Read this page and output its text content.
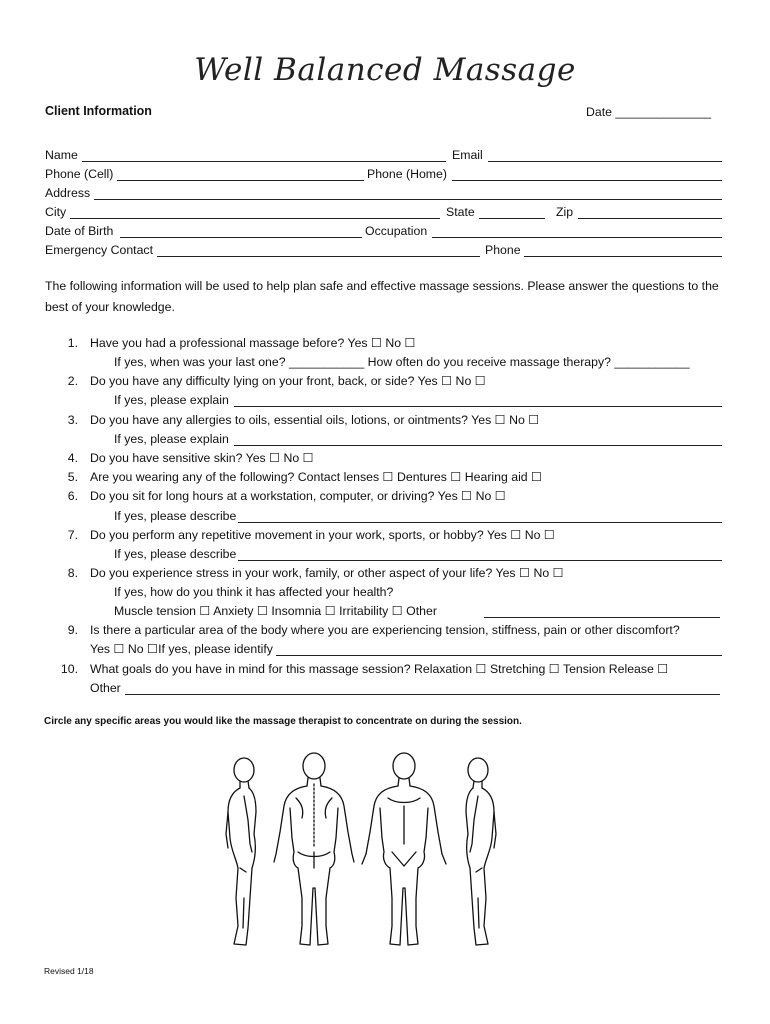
Well Balanced Massage
Client Information	Date ______________
Name	Email
Phone (Cell)	Phone (Home)
Address
City	State	Zip
Date of Birth	Occupation
Emergency Contact	Phone
The following information will be used to help plan safe and effective massage sessions. Please answer the questions to the best of your knowledge.
1. Have you had a professional massage before? Yes ☐ No ☐
If yes, when was your last one? ___________ How often do you receive massage therapy? ___________
2. Do you have any difficulty lying on your front, back, or side? Yes ☐ No ☐
If yes, please explain
3. Do you have any allergies to oils, essential oils, lotions, or ointments? Yes ☐ No ☐
If yes, please explain
4. Do you have sensitive skin? Yes ☐ No ☐
5. Are you wearing any of the following? Contact lenses ☐ Dentures ☐ Hearing aid ☐
6. Do you sit for long hours at a workstation, computer, or driving? Yes ☐ No ☐
If yes, please describe
7. Do you perform any repetitive movement in your work, sports, or hobby? Yes ☐ No ☐
If yes, please describe
8. Do you experience stress in your work, family, or other aspect of your life? Yes ☐ No ☐
If yes, how do you think it has affected your health?
Muscle tension ☐ Anxiety ☐ Insomnia ☐ Irritability ☐ Other
9. Is there a particular area of the body where you are experiencing tension, stiffness, pain or other discomfort?
Yes ☐ No ☐If yes, please identify
10. What goals do you have in mind for this massage session? Relaxation ☐ Stretching ☐ Tension Release ☐
Other
Circle any specific areas you would like the massage therapist to concentrate on during the session.
Revised 1/18
